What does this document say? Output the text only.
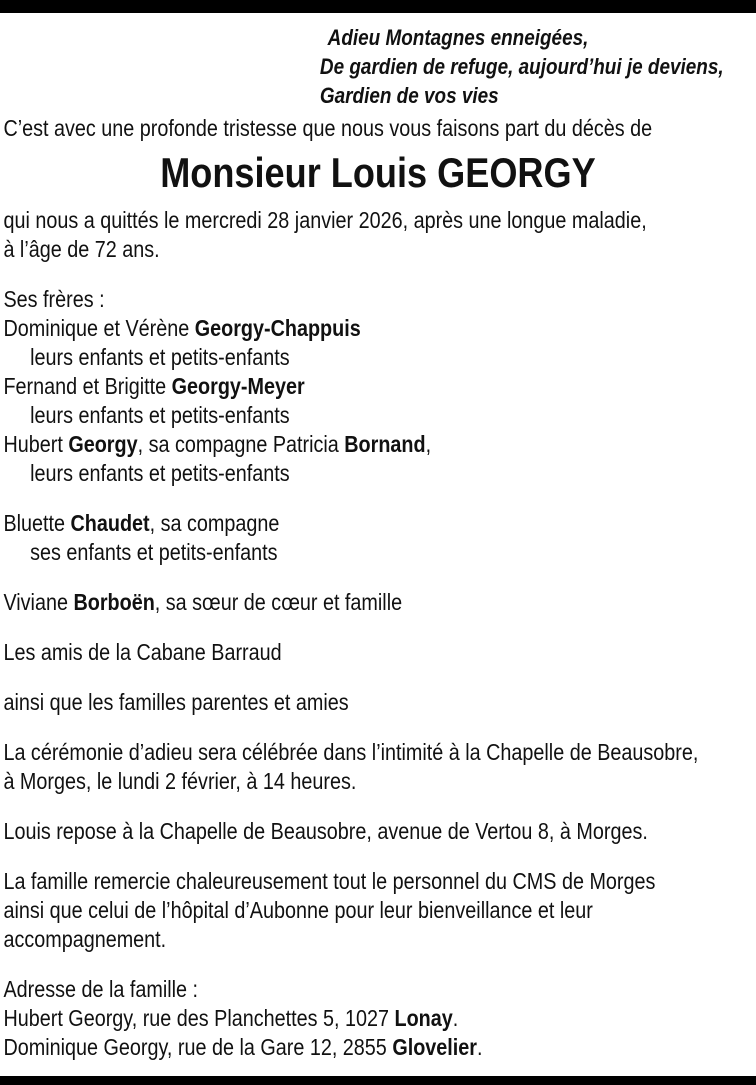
Adieu Montagnes enneigées,
De gardien de refuge, aujourd’hui je deviens,
Gardien de vos vies
C’est avec une profonde tristesse que nous vous faisons part du décès de
Monsieur Louis GEORGY
qui nous a quittés le mercredi 28 janvier 2026, après une longue maladie,
à l’âge de 72 ans.
Ses frères :
Dominique et Vérène Georgy-Chappuis
leurs enfants et petits-enfants
Fernand et Brigitte Georgy-Meyer
leurs enfants et petits-enfants
Hubert Georgy, sa compagne Patricia Bornand,
leurs enfants et petits-enfants
Bluette Chaudet, sa compagne
ses enfants et petits-enfants
Viviane Borboën, sa sœur de cœur et famille
Les amis de la Cabane Barraud
ainsi que les familles parentes et amies
La cérémonie d’adieu sera célébrée dans l’intimité à la Chapelle de Beausobre,
à Morges, le lundi 2 février, à 14 heures.
Louis repose à la Chapelle de Beausobre, avenue de Vertou 8, à Morges.
La famille remercie chaleureusement tout le personnel du CMS de Morges
ainsi que celui de l’hôpital d’Aubonne pour leur bienveillance et leur
accompagnement.
Adresse de la famille :
Hubert Georgy, rue des Planchettes 5, 1027 Lonay.
Dominique Georgy, rue de la Gare 12, 2855 Glovelier.
